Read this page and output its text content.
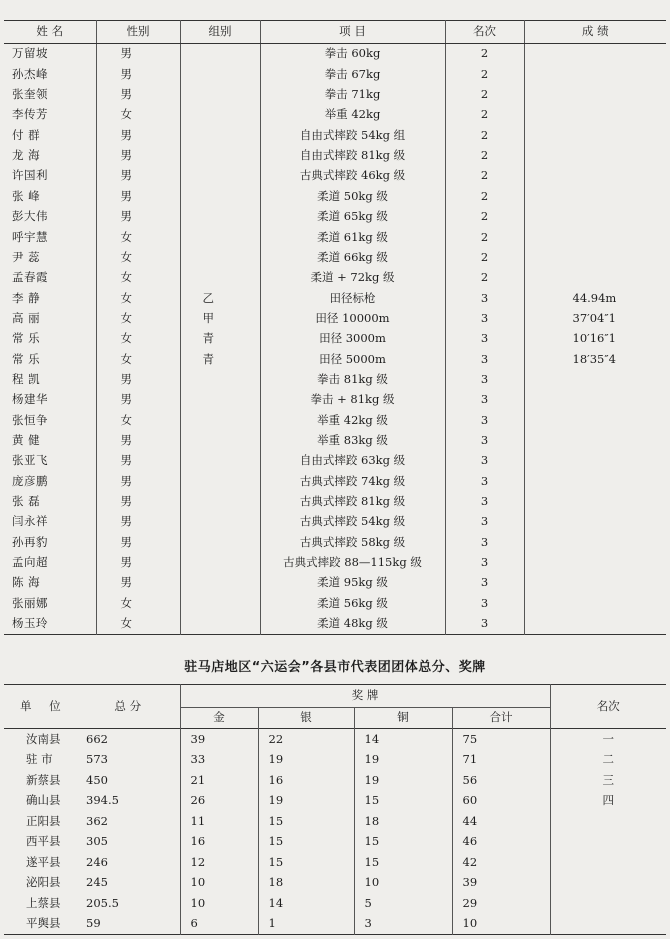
姓 名	性别	组别	项 目	名次	成 绩
万留坡	男		拳击 60kg	2	
孙杰峰	男		拳击 67kg	2	
张奎领	男		拳击 71kg	2	
李传芳	女		举重 42kg	2	
付 群	男		自由式摔跤 54kg 组	2	
龙 海	男		自由式摔跤 81kg 级	2	
许国利	男		古典式摔跤 46kg 级	2	
张 峰	男		柔道 50kg 级	2	
彭大伟	男		柔道 65kg 级	2	
呼宇慧	女		柔道 61kg 级	2	
尹 蕊	女		柔道 66kg 级	2	
孟春霞	女		柔道 + 72kg 级	2	
李 静	女	乙	田径标枪	3	44.94m
高 丽	女	甲	田径 10000m	3	37′04″1
常 乐	女	青	田径 3000m	3	10′16″1
常 乐	女	青	田径 5000m	3	18′35″4
程 凯	男		拳击 81kg 级	3	
杨建华	男		拳击 + 81kg 级	3	
张恒争	女		举重 42kg 级	3	
黄 健	男		举重 83kg 级	3	
张亚飞	男		自由式摔跤 63kg 级	3	
庞彦鹏	男		古典式摔跤 74kg 级	3	
张 磊	男		古典式摔跤 81kg 级	3	
闫永祥	男		古典式摔跤 54kg 级	3	
孙再豹	男		古典式摔跤 58kg 级	3	
孟向超	男		古典式摔跤 88—115kg 级	3	
陈 海	男		柔道 95kg 级	3	
张丽娜	女		柔道 56kg 级	3	
杨玉玲	女		柔道 48kg 级	3	
驻马店地区“六运会”各县市代表团团体总分、奖牌
单 位	总 分	奖 牌				名次
		金	银	铜	合计	
汝南县	662	39	22	14	75	一
驻 市	573	33	19	19	71	二
新蔡县	450	21	16	19	56	三
确山县	394.5	26	19	15	60	四
正阳县	362	11	15	18	44	
西平县	305	16	15	15	46	
遂平县	246	12	15	15	42	
泌阳县	245	10	18	10	39	
上蔡县	205.5	10	14	5	29	
平舆县	59	6	1	3	10	
